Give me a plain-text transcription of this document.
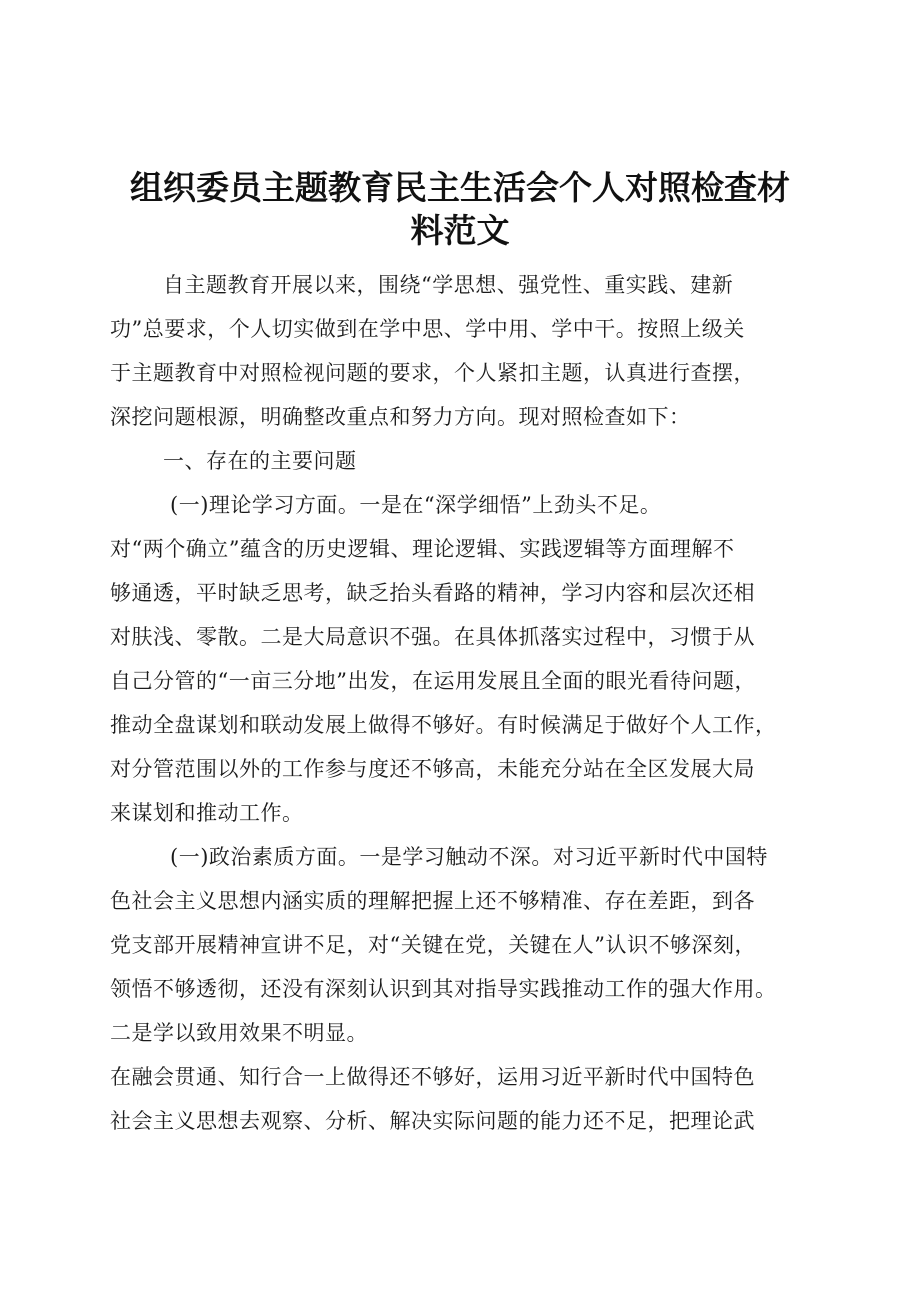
组织委员主题教育民主生活会个人对照检查材
料范文
自主题教育开展以来，围绕“学思想、强党性、重实践、建新
功”总要求，个人切实做到在学中思、学中用、学中干。按照上级关
于主题教育中对照检视问题的要求，个人紧扣主题，认真进行查摆，
深挖问题根源，明确整改重点和努力方向。现对照检查如下：
一、存在的主要问题
(一)理论学习方面。一是在“深学细悟”上劲头不足。
对“两个确立”蕴含的历史逻辑、理论逻辑、实践逻辑等方面理解不
够通透，平时缺乏思考，缺乏抬头看路的精神，学习内容和层次还相
对肤浅、零散。二是大局意识不强。在具体抓落实过程中，习惯于从
自己分管的“一亩三分地”出发，在运用发展且全面的眼光看待问题，
推动全盘谋划和联动发展上做得不够好。有时候满足于做好个人工作，
对分管范围以外的工作参与度还不够高，未能充分站在全区发展大局
来谋划和推动工作。
(一)政治素质方面。一是学习触动不深。对习近平新时代中国特
色社会主义思想内涵实质的理解把握上还不够精准、存在差距，到各
党支部开展精神宣讲不足，对“关键在党，关键在人”认识不够深刻，
领悟不够透彻，还没有深刻认识到其对指导实践推动工作的强大作用。
二是学以致用效果不明显。
在融会贯通、知行合一上做得还不够好，运用习近平新时代中国特色
社会主义思想去观察、分析、解决实际问题的能力还不足，把理论武
